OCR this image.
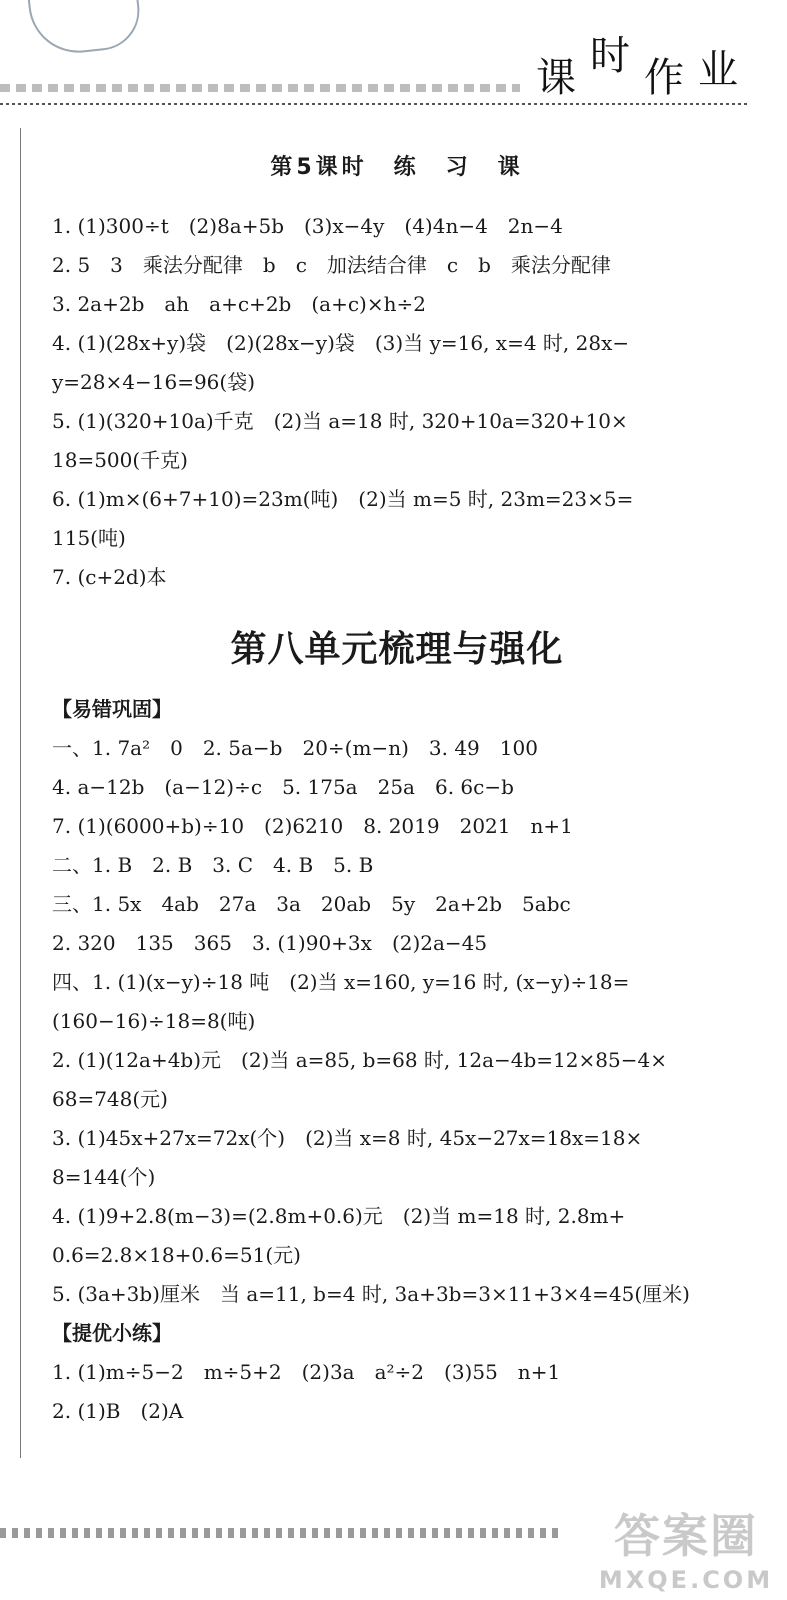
课 时 作 业
第5课时　练　习　课
1. (1)300÷t　(2)8a+5b　(3)x−4y　(4)4n−4　2n−4
2. 5　3　乘法分配律　b　c　加法结合律　c　b　乘法分配律
3. 2a+2b　ah　a+c+2b　(a+c)×h÷2
4. (1)(28x+y)袋　(2)(28x−y)袋　(3)当 y=16, x=4 时, 28x−
y=28×4−16=96(袋)
5. (1)(320+10a)千克　(2)当 a=18 时, 320+10a=320+10×
18=500(千克)
6. (1)m×(6+7+10)=23m(吨)　(2)当 m=5 时, 23m=23×5=
115(吨)
7. (c+2d)本
第八单元梳理与强化
【易错巩固】
一、1. 7a²　0　2. 5a−b　20÷(m−n)　3. 49　100
4. a−12b　(a−12)÷c　5. 175a　25a　6. 6c−b
7. (1)(6000+b)÷10　(2)6210　8. 2019　2021　n+1
二、1. B　2. B　3. C　4. B　5. B
三、1. 5x　4ab　27a　3a　20ab　5y　2a+2b　5abc
2. 320　135　365　3. (1)90+3x　(2)2a−45
四、1. (1)(x−y)÷18 吨　(2)当 x=160, y=16 时, (x−y)÷18=
(160−16)÷18=8(吨)
2. (1)(12a+4b)元　(2)当 a=85, b=68 时, 12a−4b=12×85−4×
68=748(元)
3. (1)45x+27x=72x(个)　(2)当 x=8 时, 45x−27x=18x=18×
8=144(个)
4. (1)9+2.8(m−3)=(2.8m+0.6)元　(2)当 m=18 时, 2.8m+
0.6=2.8×18+0.6=51(元)
5. (3a+3b)厘米　当 a=11, b=4 时, 3a+3b=3×11+3×4=45(厘米)
【提优小练】
1. (1)m÷5−2　m÷5+2　(2)3a　a²÷2　(3)55　n+1
2. (1)B　(2)A
答案圈
MXQE.COM
